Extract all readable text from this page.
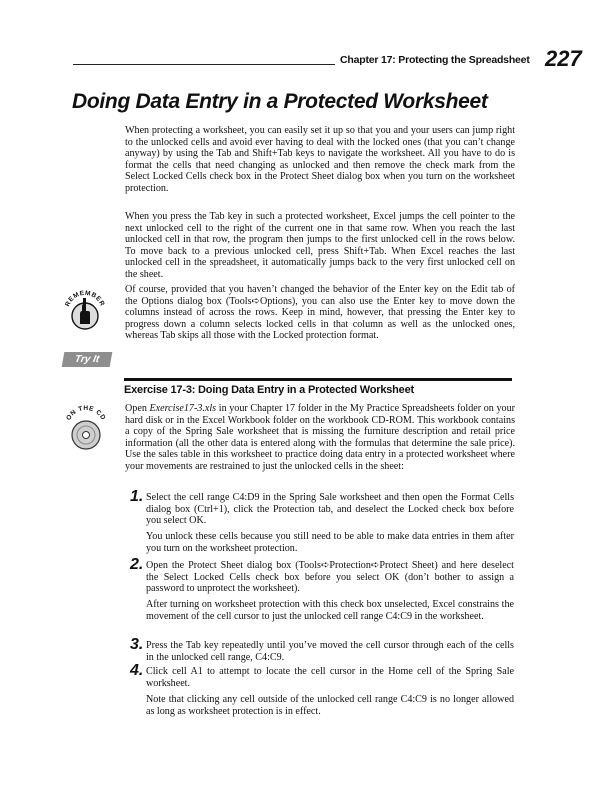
Chapter 17: Protecting the Spreadsheet 227
Doing Data Entry in a Protected Worksheet

When protecting a worksheet, you can easily set it up so that you and your users can jump right to the unlocked cells and avoid ever having to deal with the locked ones (that you can’t change anyway) by using the Tab and Shift+Tab keys to navigate the worksheet. All you have to do is format the cells that need changing as unlocked and then remove the check mark from the Select Locked Cells check box in the Protect Sheet dialog box when you turn on the worksheet protection.

When you press the Tab key in such a protected worksheet, Excel jumps the cell pointer to the next unlocked cell to the right of the current one in that same row. When you reach the last unlocked cell in that row, the program then jumps to the first unlocked cell in the rows below. To move back to a previous unlocked cell, press Shift+Tab. When Excel reaches the last unlocked cell in the spreadsheet, it automatically jumps back to the very first unlocked cell on the sheet.

REMEMBER

Of course, provided that you haven’t changed the behavior of the Enter key on the Edit tab of the Options dialog box (Tools➪Options), you can also use the Enter key to move down the columns instead of across the rows. Keep in mind, however, that pressing the Enter key to progress down a column selects locked cells in that column as well as the unlocked ones, whereas Tab skips all those with the Locked protection format.

Try It
Exercise 17-3: Doing Data Entry in a Protected Worksheet
ON THE CD

Open Exercise17-3.xls in your Chapter 17 folder in the My Practice Spreadsheets folder on your hard disk or in the Excel Workbook folder on the workbook CD-ROM. This workbook contains a copy of the Spring Sale worksheet that is missing the furniture description and retail price information (all the other data is entered along with the formulas that determine the sale price). Use the sales table in this worksheet to practice doing data entry in a protected worksheet where your movements are restrained to just the unlocked cells in the sheet:

1. Select the cell range C4:D9 in the Spring Sale worksheet and then open the Format Cells dialog box (Ctrl+1), click the Protection tab, and deselect the Locked check box before you select OK.

You unlock these cells because you still need to be able to make data entries in them after you turn on the worksheet protection.

2. Open the Protect Sheet dialog box (Tools➪Protection➪Protect Sheet) and here deselect the Select Locked Cells check box before you select OK (don’t bother to assign a password to unprotect the worksheet).

After turning on worksheet protection with this check box unselected, Excel constrains the movement of the cell cursor to just the unlocked cell range C4:C9 in the worksheet.

3. Press the Tab key repeatedly until you’ve moved the cell cursor through each of the cells in the unlocked cell range, C4:C9.

4. Click cell A1 to attempt to locate the cell cursor in the Home cell of the Spring Sale worksheet.

Note that clicking any cell outside of the unlocked cell range C4:C9 is no longer allowed as long as worksheet protection is in effect.
